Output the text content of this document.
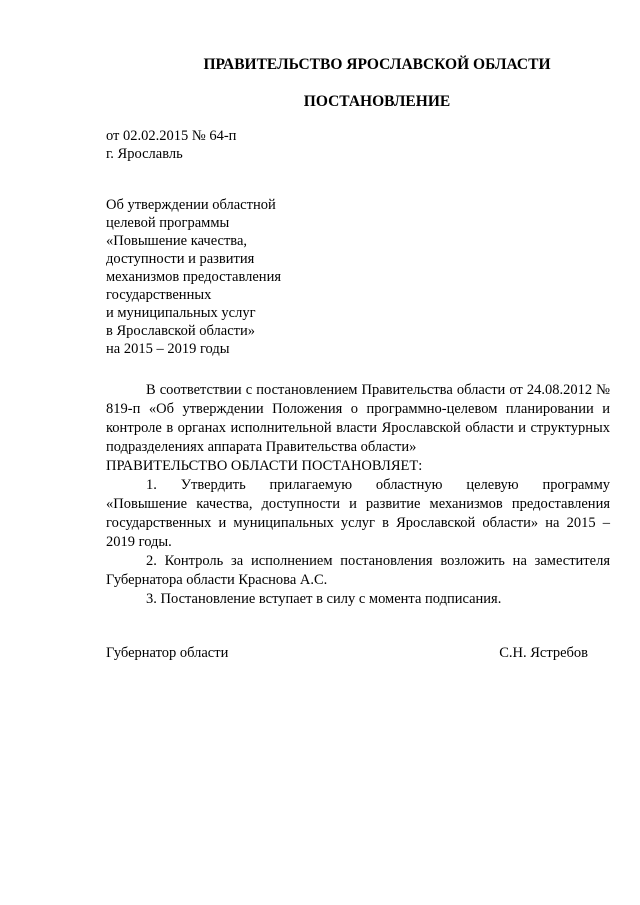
ПРАВИТЕЛЬСТВО ЯРОСЛАВСКОЙ ОБЛАСТИ
ПОСТАНОВЛЕНИЕ
от 02.02.2015 № 64-п
г. Ярославль
Об утверждении областной
целевой программы
«Повышение качества,
доступности и развития
механизмов предоставления
государственных
и муниципальных услуг
в Ярославской области»
на 2015 – 2019 годы

В соответствии с постановлением Правительства области от 24.08.2012 № 819-п «Об утверждении Положения о программно-целевом планировании и контроле в органах исполнительной власти Ярославской области и структурных подразделениях аппарата Правительства области»

ПРАВИТЕЛЬСТВО ОБЛАСТИ ПОСТАНОВЛЯЕТ:

1. Утвердить прилагаемую областную целевую программу

«Повышение качества, доступности и развитие механизмов предоставления государственных и муниципальных услуг в Ярославской области» на 2015 – 2019 годы.

2. Контроль за исполнением постановления возложить на заместителя Губернатора области Краснова А.С.

3. Постановление вступает в силу с момента подписания.

Губернатор области	С.Н. Ястребов
